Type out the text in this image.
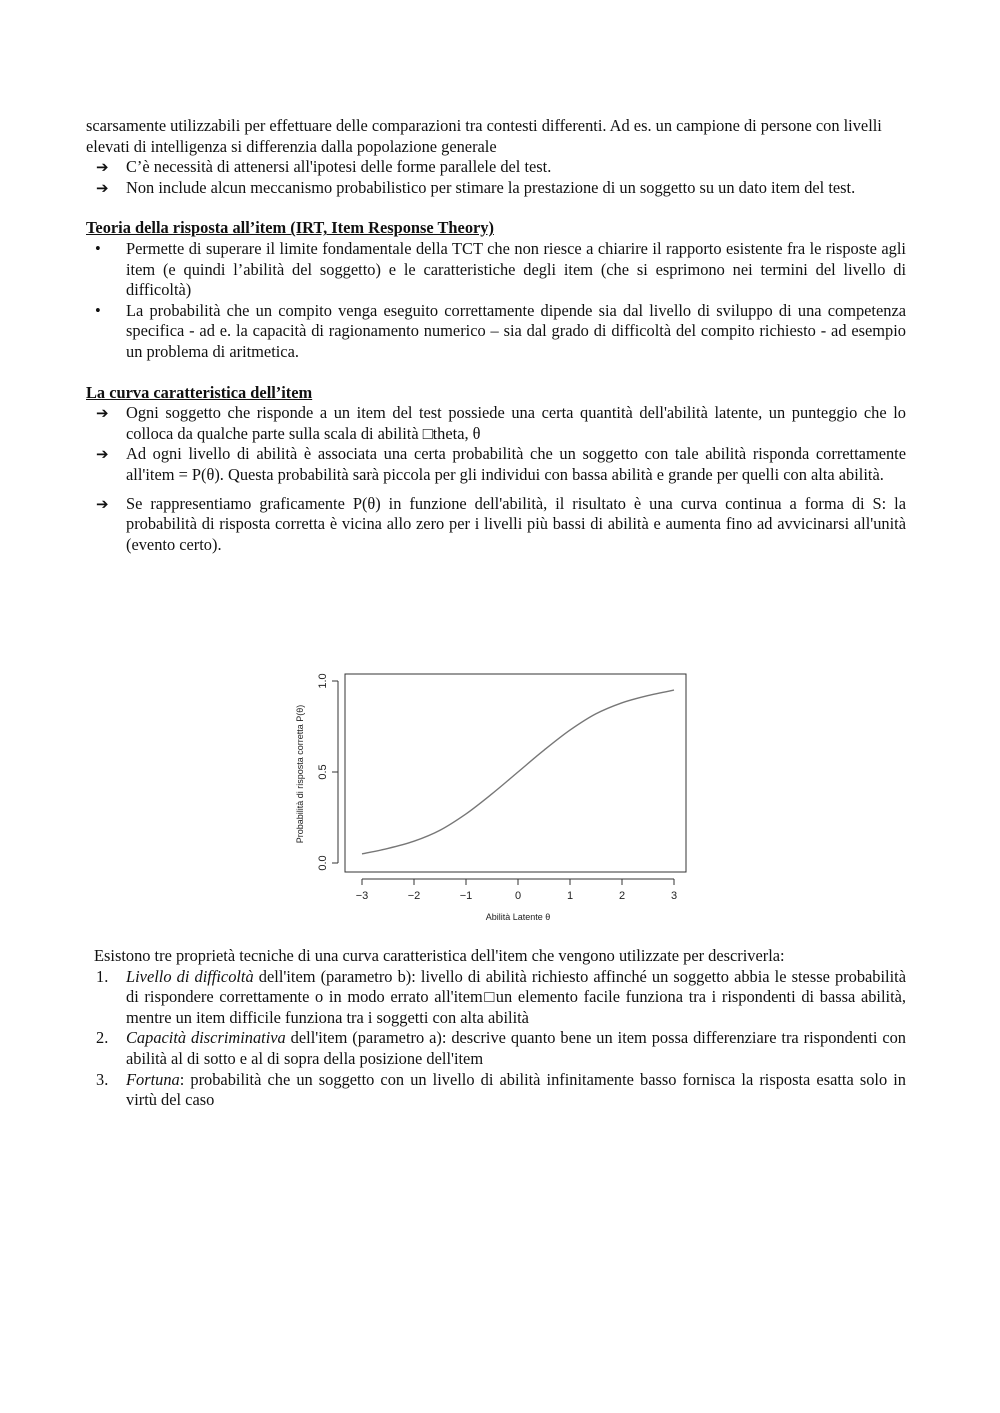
scarsamente utilizzabili per effettuare delle comparazioni tra contesti differenti. Ad es. un campione di persone con livelli elevati di intelligenza si differenzia dalla popolazione generale

➔	C’è necessità di attenersi all'ipotesi delle forme parallele del test.
➔	Non include alcun meccanismo probabilistico per stimare la prestazione di un soggetto su un dato item del test.

Teoria della risposta all’item (IRT, Item Response Theory)

•	Permette di superare il limite fondamentale della TCT che non riesce a chiarire il rapporto esistente fra le risposte agli item (e quindi l’abilità del soggetto) e le caratteristiche degli item (che si esprimono nei termini del livello di difficoltà)
•	La probabilità che un compito venga eseguito correttamente dipende sia dal livello di sviluppo di una competenza specifica - ad e. la capacità di ragionamento numerico – sia dal grado di difficoltà del compito richiesto - ad esempio un problema di aritmetica.

La curva caratteristica dell’item

➔	Ogni soggetto che risponde a un item del test possiede una certa quantità dell'abilità latente, un punteggio che lo colloca da qualche parte sulla scala di abilità □theta, θ
➔	Ad ogni livello di abilità è associata una certa probabilità che un soggetto con tale abilità risponda correttamente all'item = P(θ). Questa probabilità sarà piccola per gli individui con bassa abilità e grande per quelli con alta abilità.
➔	Se rappresentiamo graficamente P(θ) in funzione dell'abilità, il risultato è una curva continua a forma di S: la probabilità di risposta corretta è vicina allo zero per i livelli più bassi di abilità e aumenta fino ad avvicinarsi all'unità (evento certo).
−3	−2	−1	0	1	2	3
0.0
0.5
1.0
Abilità Latente θ
Probabilità di risposta corretta P(θ)

Esistono tre proprietà tecniche di una curva caratteristica dell'item che vengono utilizzate per descriverla:

1.	Livello di difficoltà dell'item (parametro b): livello di abilità richiesto affinché un soggetto abbia le stesse probabilità di rispondere correttamente o in modo errato all'item□un elemento facile funziona tra i rispondenti di bassa abilità, mentre un item difficile funziona tra i soggetti con alta abilità
2.	Capacità discriminativa dell'item (parametro a): descrive quanto bene un item possa differenziare tra rispondenti con abilità al di sotto e al di sopra della posizione dell'item
3.	Fortuna: probabilità che un soggetto con un livello di abilità infinitamente basso fornisca la risposta esatta solo in virtù del caso
